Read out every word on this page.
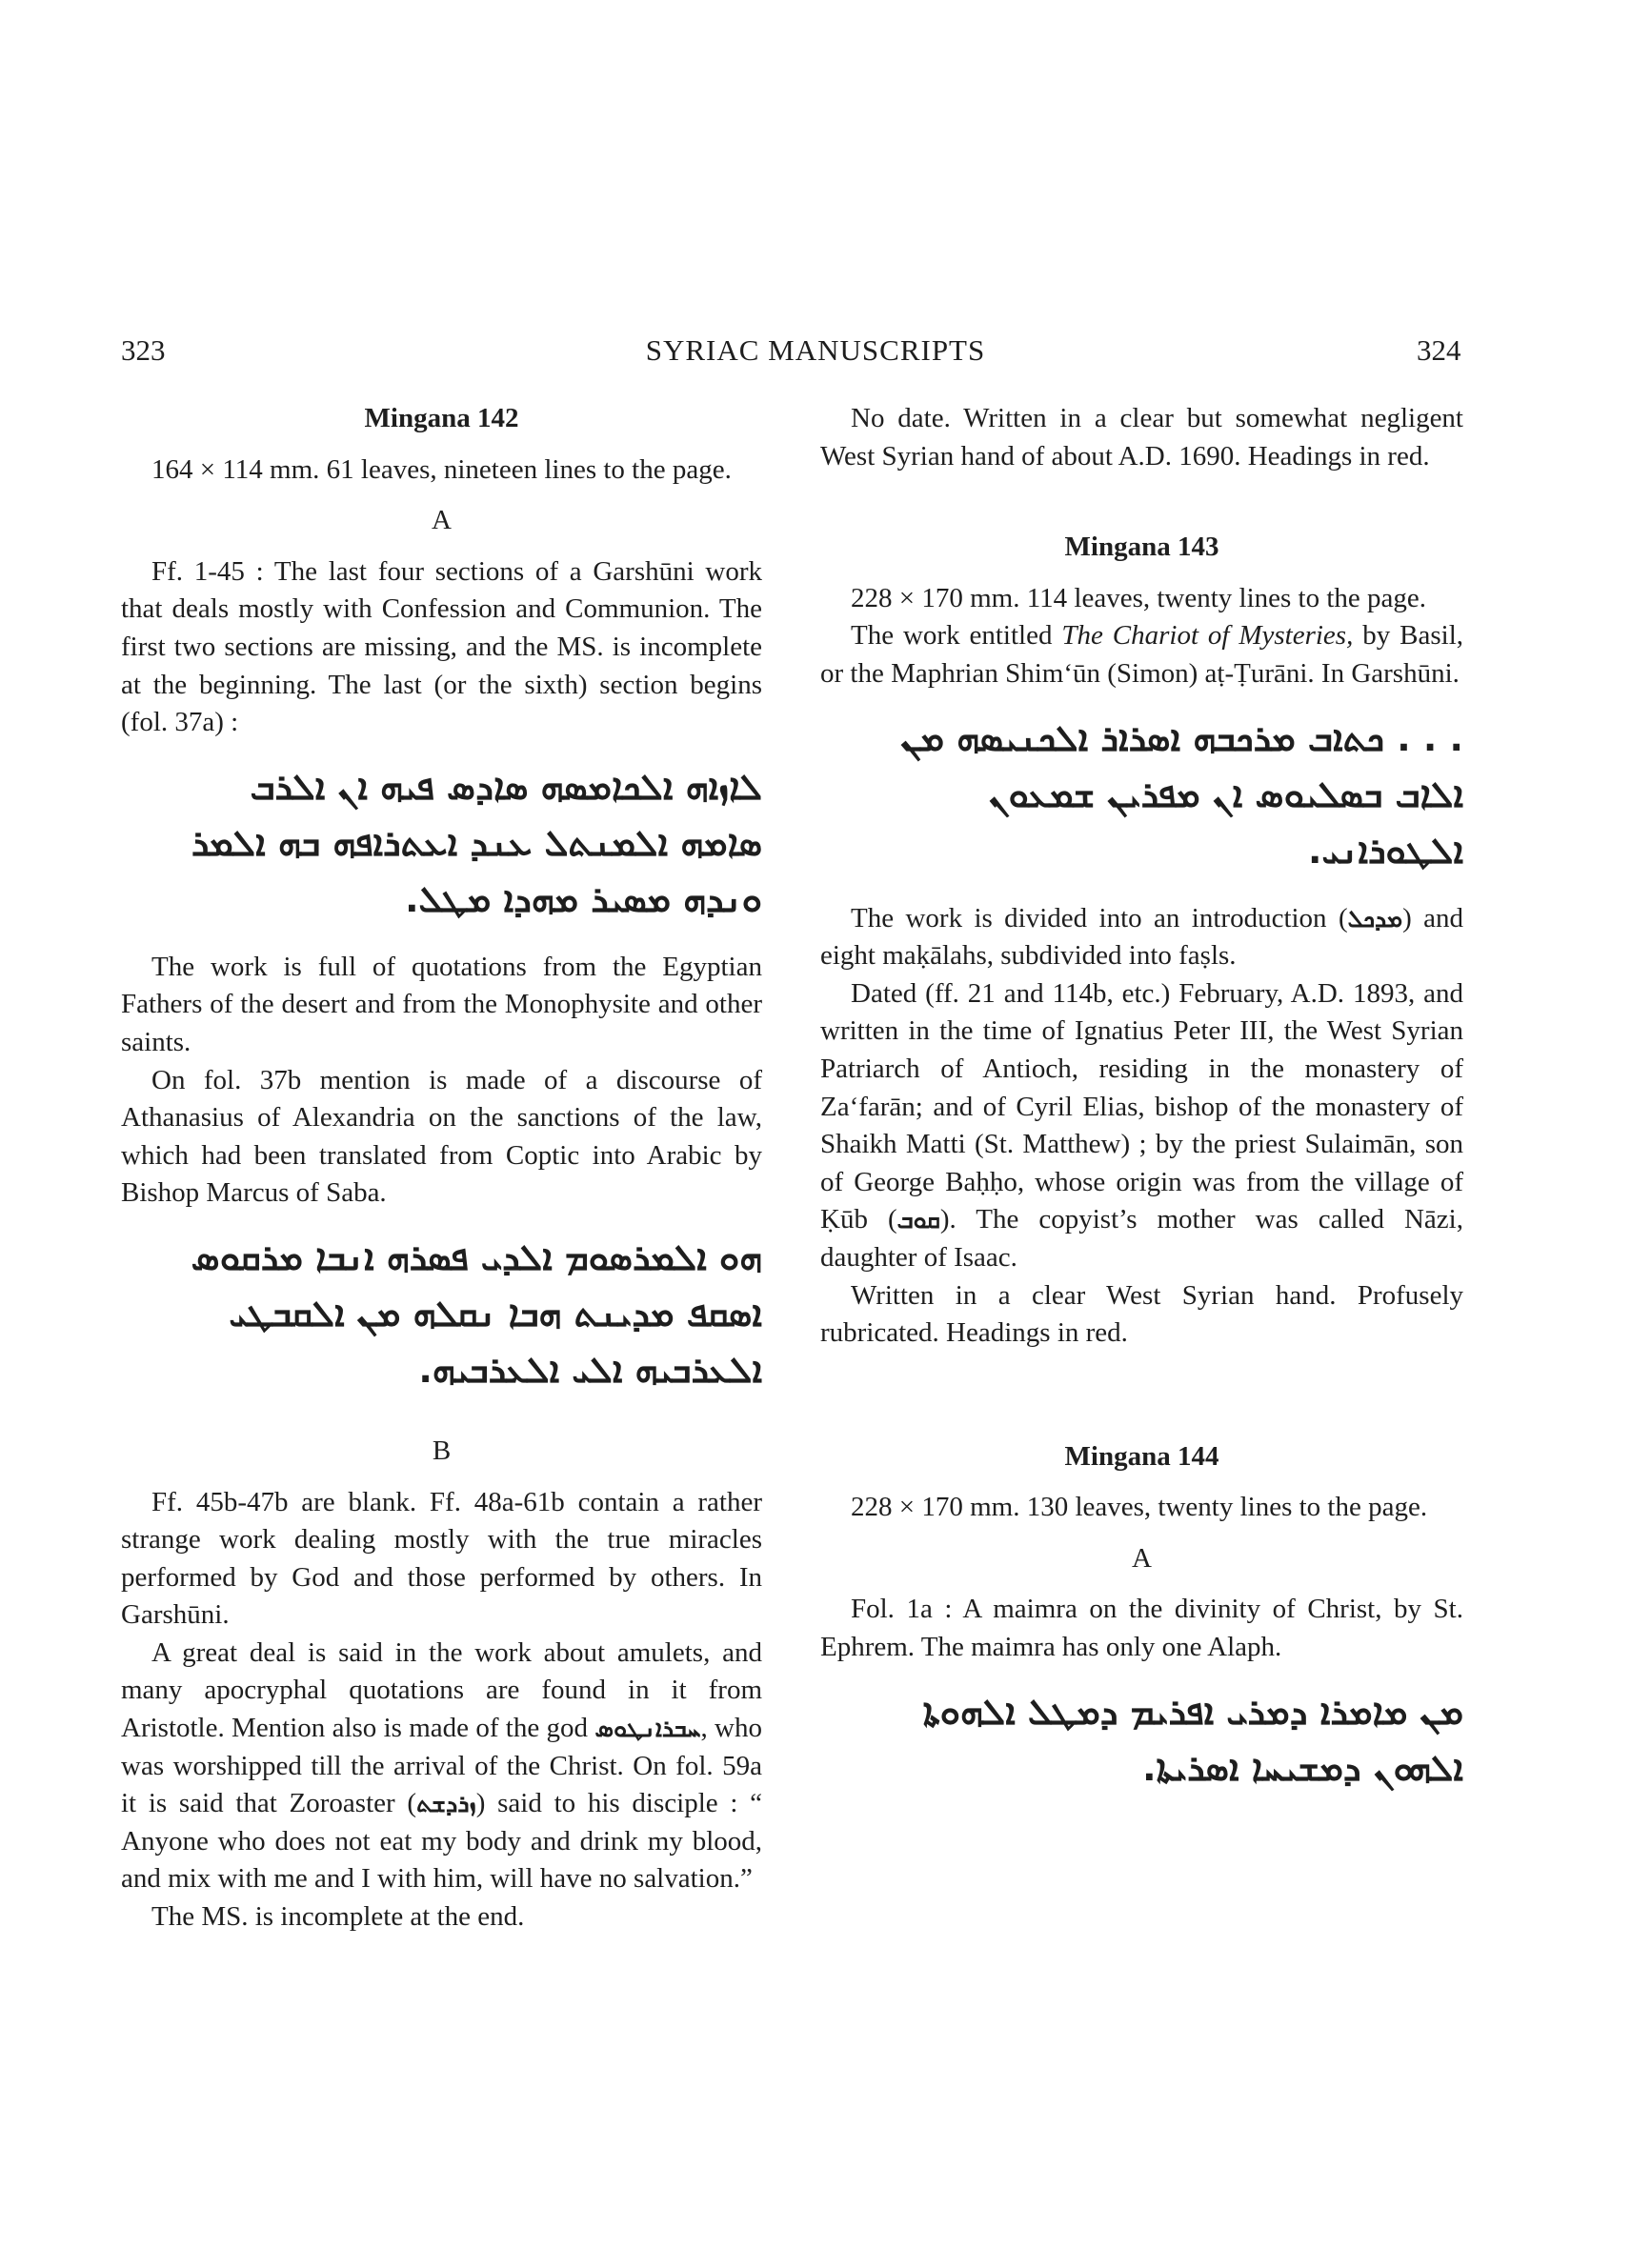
323	SYRIAC MANUSCRIPTS	324

Mingana 142

164 × 114 mm. 61 leaves, nineteen lines to the page.

A

Ff. 1-45 : The last four sections of a Garshūni work that deals mostly with Confession and Communion. The first two sections are missing, and the MS. is incomplete at the beginning. The last (or the sixth) section begins (fol. 37a) :

ܠܐܙܐܗ ܐܠܟܐܡܣܗ ܣܐܕܣ ܦܝܗ ܐܢ ܐܠܪܒ

ܣܐܡܗ ܐܠܡܢܬܠ ܥܢܕ ܐܥܬܪܐܦܗ ܒܗ ܐܠܡܪ

ܘܢܕܗ ܡܣܝܪ ܡܗܕܐ ܡܛܠ.

The work is full of quotations from the Egyptian Fathers of the desert and from the Monophysite and other saints.

On fol. 37b mention is made of a discourse of Athanasius of Alexandria on the sanctions of the law, which had been translated from Coptic into Arabic by Bishop Marcus of Saba.

ܗܘ ܐܠܡܪܣܘܡ ܐܠܕܝ ܦܣܪܗ ܐܢܒܐ ܡܪܩܘܣ

ܐܣܩܦ ܡܕܝܢܬ ܗܒܐ ܢܩܠܗ ܡܢ ܐܠܩܒܛܝ

ܐܠܥܪܒܝܗ ܐܠܝ ܐܠܥܪܒܝܗ.

B

Ff. 45b-47b are blank. Ff. 48a-61b contain a rather strange work dealing mostly with the true miracles performed by God and those performed by others. In Garshūni.

A great deal is said in the work about amulets, and many apocryphal quotations are found in it from Aristotle. Mention also is made of the god ܚܒܪܐܢܛܘܣ, who was worshipped till the arrival of the Christ. On fol. 59a it is said that Zoroaster (ܙܪܕܫܬ) said to his disciple : “ Anyone who does not eat my body and drink my blood, and mix with me and I with him, will have no salvation.”

The MS. is incomplete at the end.

No date. Written in a clear but somewhat negligent West Syrian hand of about A.D. 1690. Headings in red.

Mingana 143

228 × 170 mm. 114 leaves, twenty lines to the page.

The work entitled The Chariot of Mysteries, by Basil, or the Maphrian Shim‘ūn (Simon) aṭ-Ṭurāni. In Garshūni.

. . . ܟܬܐܒ ܡܪܟܒܗ ܐܣܪܐܪ ܐܠܟܢܝܣܗ ܡܢ

ܐܠܐܒ ܒܣܠܝܘܣ ܐܢ ܡܦܪܝܢ ܫܡܥܘܢ

ܐܠܛܘܪܐܢܝ.

The work is divided into an introduction (ܡܕܟܠ) and eight maḳālahs, subdivided into faṣls.

Dated (ff. 21 and 114b, etc.) February, A.D. 1893, and written in the time of Ignatius Peter III, the West Syrian Patriarch of Antioch, residing in the monastery of Za‘farān; and of Cyril Elias, bishop of the monastery of Shaikh Matti (St. Matthew) ; by the priest Sulaimān, son of George Baḥḥo, whose origin was from the village of Ḳūb (ܩܘܒ). The copyist’s mother was called Nāzi, daughter of Isaac.

Written in a clear West Syrian hand. Profusely rubricated. Headings in red.

Mingana 144

228 × 170 mm. 130 leaves, twenty lines to the page.

A

Fol. 1a : A maimra on the divinity of Christ, by St. Ephrem. The maimra has only one Alaph.

ܡܢ ܡܐܡܪܐ ܕܡܪܝ ܐܦܪܝܡ ܕܡܛܠ ܐܠܗܘܬܐ

ܐܠܗܘܢ ܕܡܫܝܚܐ ܐܣܪܝܬܐ.
